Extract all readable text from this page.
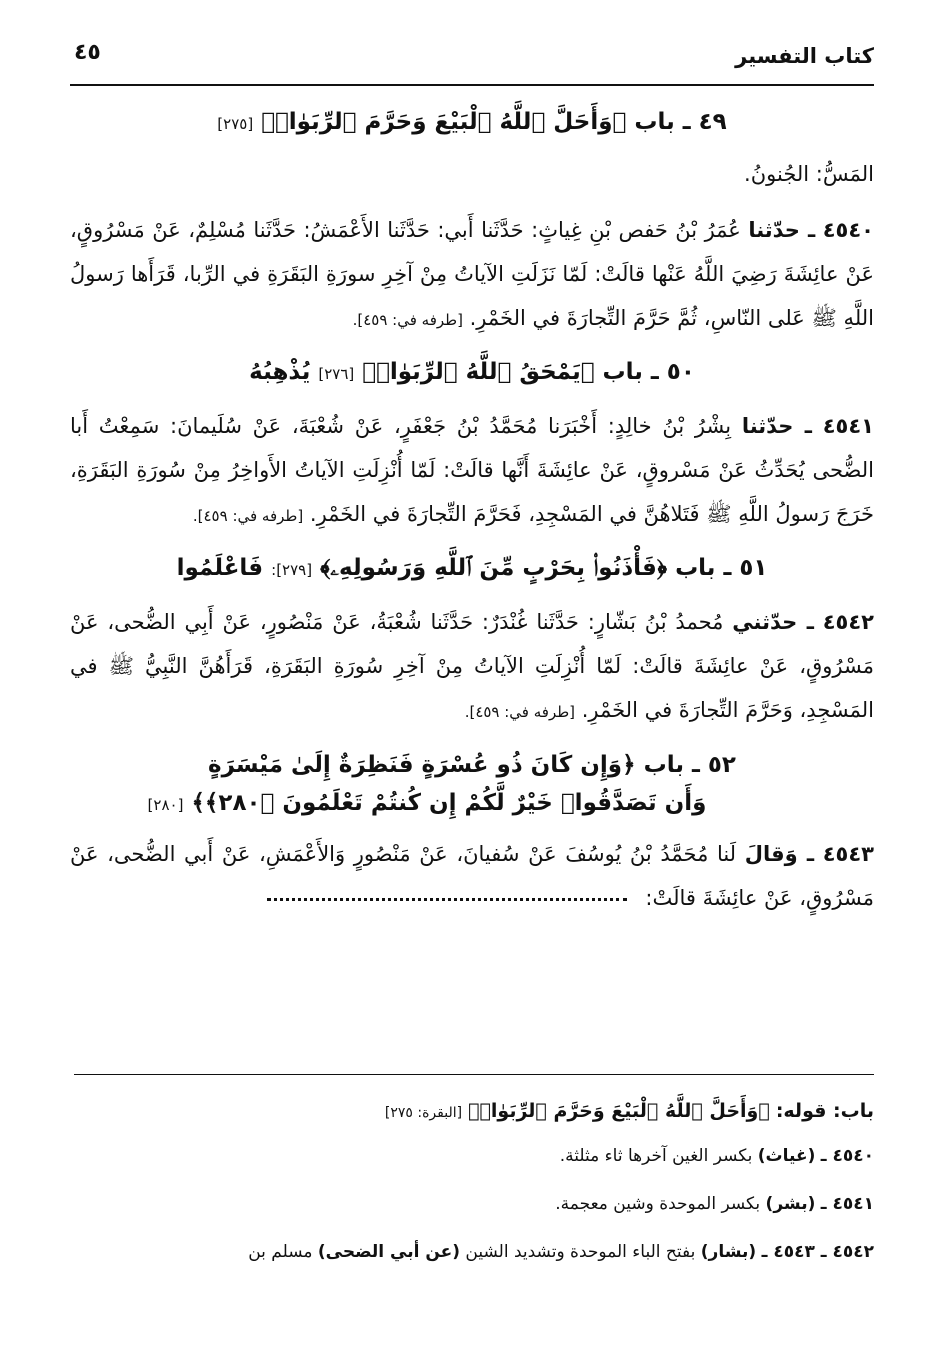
كتاب التفسير
٤٥
٤٩ ـ باب ﴿وَأَحَلَّ ٱللَّهُ ٱلْبَيْعَ وَحَرَّمَ ٱلرِّبَوٰا۟﴾ [٢٧٥]
المَسُّ: الجُنونُ.
٤٥٤٠ ـ حدّثنا عُمَرُ بْنُ حَفص بْنِ غِياثٍ: حَدَّثَنا أَبي: حَدَّثَنا الأَعْمَشُ: حَدَّثَنا مُسْلِمٌ، عَنْ مَسْرُوقٍ، عَنْ عائِشَةَ رَضِيَ اللَّهُ عَنْها قالَتْ: لَمّا نَزَلَتِ الآياتُ مِنْ آخِرِ سورَةِ البَقَرَةِ في الرِّبا، قَرَأَها رَسولُ اللَّهِ ﷺ عَلى النّاسِ، ثُمَّ حَرَّمَ التِّجارَةَ في الخَمْرِ. [طرفه في: ٤٥٩].
٥٠ ـ باب ﴿يَمْحَقُ ٱللَّهُ ٱلرِّبَوٰا۟﴾ [٢٧٦] يُذْهِبُهُ
٤٥٤١ ـ حدّثنا بِشْرُ بْنُ خالِدٍ: أَخْبَرَنا مُحَمَّدُ بْنُ جَعْفَرٍ، عَنْ شُعْبَةَ، عَنْ سُلَيمانَ: سَمِعْتُ أَبا الضُّحى يُحَدِّثُ عَنْ مَسْروقٍ، عَنْ عائِشَةَ أَنَّها قالَتْ: لَمّا أُنْزِلَتِ الآياتُ الأَواخِرُ مِنْ سُورَةِ البَقَرَةِ، خَرَجَ رَسولُ اللَّهِ ﷺ فَتَلاهُنَّ في المَسْجِدِ، فَحَرَّمَ التِّجارَةَ في الخَمْرِ. [طرفه في: ٤٥٩].
٥١ ـ باب ﴿فَأْذَنُوا۟ بِحَرْبٍ مِّنَ ٱللَّهِ وَرَسُولِهِۦ﴾ [٢٧٩]: فَاعْلَمُوا
٤٥٤٢ ـ حدّثني مُحمدُ بْنُ بَشّارٍ: حَدَّثَنا غُنْدَرٌ: حَدَّثَنا شُعْبَةُ، عَنْ مَنْصُورٍ، عَنْ أَبِي الضُّحى، عَنْ مَسْرُوقٍ، عَنْ عائِشَةَ قالَتْ: لَمّا أُنْزِلَتِ الآياتُ مِنْ آخِرِ سُورَةِ البَقَرَةِ، قَرَأَهُنَّ النَّبِيُّ ﷺ في المَسْجِدِ، وَحَرَّمَ التِّجارَةَ في الخَمْرِ. [طرفه في: ٤٥٩].
٥٢ ـ باب ﴿وَإِن كَانَ ذُو عُسْرَةٍ فَنَظِرَةٌ إِلَىٰ مَيْسَرَةٍ
وَأَن تَصَدَّقُوا۟ خَيْرٌ لَّكُمْ إِن كُنتُمْ تَعْلَمُونَ ﴿٢٨٠﴾﴾ [٢٨٠]
٤٥٤٣ ـ وَقالَ لَنا مُحَمَّدُ بْنُ يُوسُفَ عَنْ سُفيانَ، عَنْ مَنْصُورٍ وَالأَعْمَشِ، عَنْ أَبي الضُّحى، عَنْ مَسْرُوقٍ، عَنْ عائِشَةَ قالَتْ:
باب: قوله: ﴿وَأَحَلَّ ٱللَّهُ ٱلْبَيْعَ وَحَرَّمَ ٱلرِّبَوٰا۟﴾ [البقرة: ٢٧٥]
٤٥٤٠ ـ (غياث) بكسر الغين آخرها ثاء مثلثة.
٤٥٤١ ـ (بشر) بكسر الموحدة وشين معجمة.
٤٥٤٢ ـ ٤٥٤٣ ـ (بشار) بفتح الباء الموحدة وتشديد الشين (عن أبي الضحى) مسلم بن
